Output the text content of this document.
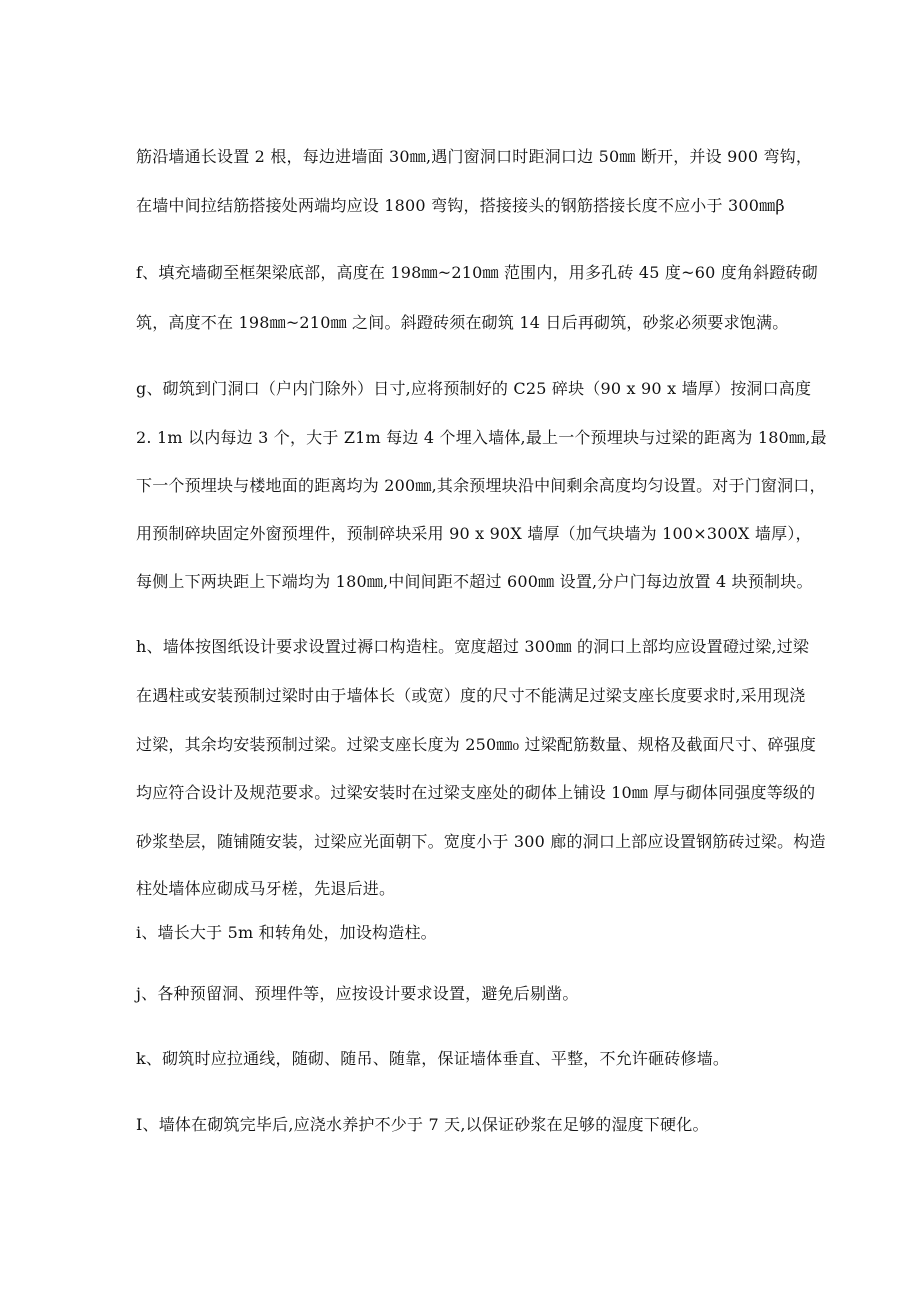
筋沿墙通长设置 2 根，每边进墙面 30㎜,遇门窗洞口时距洞口边 50㎜ 断开，并设 900 弯钩，
在墙中间拉结筋搭接处两端均应设 1800 弯钩，搭接接头的钢筋搭接长度不应小于 300㎜β
f、填充墙砌至框架梁底部，高度在 198㎜~210㎜ 范围内，用多孔砖 45 度~60 度角斜蹬砖砌
筑，高度不在 198㎜~210㎜ 之间。斜蹬砖须在砌筑 14 日后再砌筑，砂浆必须要求饱满。
g、砌筑到门洞口（户内门除外）日寸,应将预制好的 C25 碎块（90 x 90 x 墙厚）按洞口高度
2. 1m 以内每边 3 个，大于 Z1m 每边 4 个埋入墙体,最上一个预埋块与过梁的距离为 180㎜,最
下一个预埋块与楼地面的距离均为 200㎜,其余预埋块沿中间剩余高度均匀设置。对于门窗洞口，
用预制碎块固定外窗预埋件，预制碎块采用 90 x 90X 墙厚（加气块墙为 100×300X 墙厚），
每侧上下两块距上下端均为 180㎜,中间间距不超过 600㎜ 设置,分户门每边放置 4 块预制块。
h、墙体按图纸设计要求设置过褥口构造柱。宽度超过 300㎜ 的洞口上部均应设置磴过梁,过梁
在遇柱或安装预制过梁时由于墙体长（或宽）度的尺寸不能满足过梁支座长度要求时,采用现浇
过梁，其余均安装预制过梁。过梁支座长度为 250㎜₀ 过梁配筋数量、规格及截面尺寸、碎强度
均应符合设计及规范要求。过梁安装时在过梁支座处的砌体上铺设 10㎜ 厚与砌体同强度等级的
砂浆垫层，随铺随安装，过梁应光面朝下。宽度小于 300 廊的洞口上部应设置钢筋砖过梁。构造
柱处墙体应砌成马牙槎，先退后进。
i、墙长大于 5m 和转角处，加设构造柱。
j、各种预留洞、预埋件等，应按设计要求设置，避免后剔凿。
k、砌筑时应拉通线，随砌、随吊、随靠，保证墙体垂直、平整，不允许砸砖修墙。
I、墙体在砌筑完毕后,应浇水养护不少于 7 天,以保证砂浆在足够的湿度下硬化。
